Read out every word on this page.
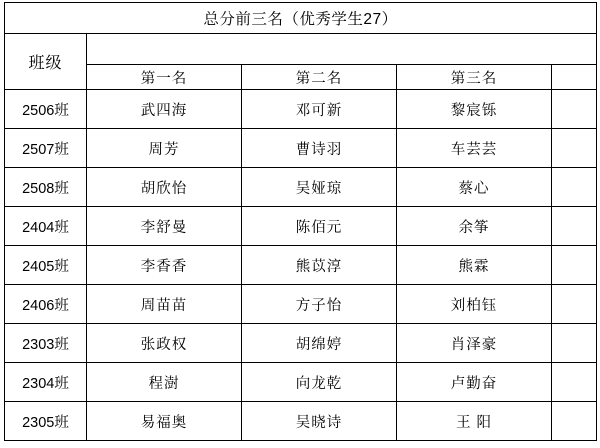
总分前三名（优秀学生27）				
班级				
	第一名	第二名	第三名	
2506班	武四海	邓可新	黎宸铄	
2507班	周芳	曹诗羽	车芸芸	
2508班	胡欣怡	吴娅琼	蔡心	
2404班	李舒曼	陈佰元	余筝	
2405班	李香香	熊苡淳	熊霖	
2406班	周苗苗	方子怡	刘柏钰	
2303班	张政权	胡绵婷	肖泽豪	
2304班	程澍	向龙乾	卢勤奋	
2305班	易福奥	吴晓诗	王 阳	
